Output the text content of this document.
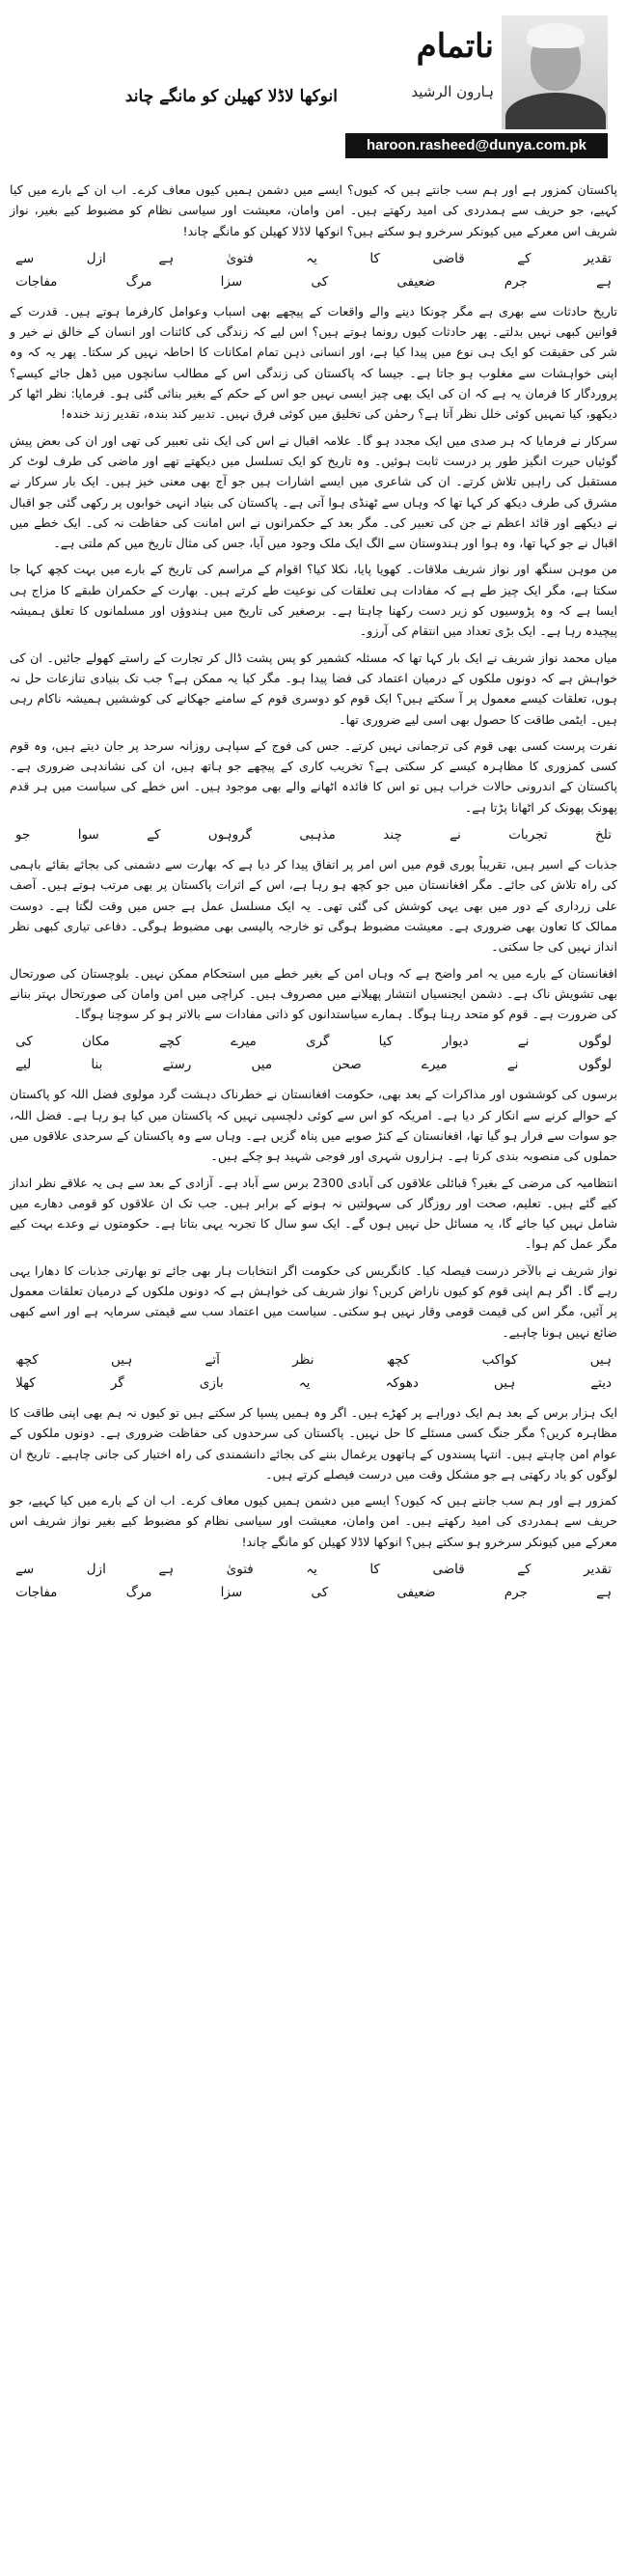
انوکھا لاڈلا کھیلن کو مانگے چاند
ناتمام
ہارون الرشید
haroon.rasheed@dunya.com.pk

پاکستان کمزور ہے اور ہم سب جانتے ہیں کہ کیوں؟ ایسے میں دشمن ہمیں کیوں معاف کرے۔ اب ان کے بارے میں کیا کہیے، جو حریف سے ہمدردی کی امید رکھتے ہیں۔ امن وامان، معیشت اور سیاسی نظام کو مضبوط کیے بغیر، نواز شریف اس معرکے میں کیونکر سرخرو ہو سکتے ہیں؟ انوکھا لاڈلا کھیلن کو مانگے چاند!

تقدیر
کے
قاضی
کا
یہ
فتویٰ
ہے
ازل
سے
ہے
جرم
ضعیفی
کی
سزا
مرگ
مفاجات

تاریخ حادثات سے بھری ہے مگر چونکا دینے والے واقعات کے پیچھے بھی اسباب وعوامل کارفرما ہوتے ہیں۔ قدرت کے قوانین کبھی نہیں بدلتے۔ پھر حادثات کیوں رونما ہوتے ہیں؟ اس لیے کہ زندگی کی کائنات اور انسان کے خالق نے خیر و شر کی حقیقت کو ایک ہی نوع میں پیدا کیا ہے، اور انسانی ذہن تمام امکانات کا احاطہ نہیں کر سکتا۔ پھر یہ کہ وہ اپنی خواہشات سے مغلوب ہو جاتا ہے۔ جیسا کہ پاکستان کی زندگی اس کے مطالب سانچوں میں ڈھل جائے کیسے؟ پروردگار کا فرمان یہ ہے کہ ان کی ایک بھی چیز ایسی نہیں جو اس کے حکم کے بغیر بنائی گئی ہو۔ فرمایا: نظر اٹھا کر دیکھو، کیا تمہیں کوئی خلل نظر آتا ہے؟ رحمٰن کی تخلیق میں کوئی فرق نہیں۔ تدبیر کند بندہ، تقدیر زند خندہ!

سرکار نے فرمایا کہ ہر صدی میں ایک مجدد ہو گا۔ علامہ اقبال نے اس کی ایک نئی تعبیر کی تھی اور ان کی بعض پیش گوئیاں حیرت انگیز طور پر درست ثابت ہوئیں۔ وہ تاریخ کو ایک تسلسل میں دیکھتے تھے اور ماضی کی طرف لوٹ کر مستقبل کی راہیں تلاش کرتے۔ ان کی شاعری میں ایسے اشارات ہیں جو آج بھی معنی خیز ہیں۔ ایک بار سرکار نے مشرق کی طرف دیکھ کر کہا تھا کہ وہاں سے ٹھنڈی ہوا آتی ہے۔ پاکستان کی بنیاد انہی خوابوں پر رکھی گئی جو اقبال نے دیکھے اور قائد اعظم نے جن کی تعبیر کی۔ مگر بعد کے حکمرانوں نے اس امانت کی حفاظت نہ کی۔ ایک خطے میں اقبال نے جو کہا تھا، وہ ہوا اور ہندوستان سے الگ ایک ملک وجود میں آیا، جس کی مثال تاریخ میں کم ملتی ہے۔

من موہن سنگھ اور نواز شریف ملاقات۔ کھویا پایا، نکلا کیا؟ اقوام کے مراسم کی تاریخ کے بارے میں بہت کچھ کہا جا سکتا ہے، مگر ایک چیز طے ہے کہ مفادات ہی تعلقات کی نوعیت طے کرتے ہیں۔ بھارت کے حکمران طبقے کا مزاج ہی ایسا ہے کہ وہ پڑوسیوں کو زیر دست رکھنا چاہتا ہے۔ برصغیر کی تاریخ میں ہندوؤں اور مسلمانوں کا تعلق ہمیشہ پیچیدہ رہا ہے۔ ایک بڑی تعداد میں انتقام کی آرزو۔

میاں محمد نواز شریف نے ایک بار کہا تھا کہ مسئلہ کشمیر کو پس پشت ڈال کر تجارت کے راستے کھولے جائیں۔ ان کی خواہش ہے کہ دونوں ملکوں کے درمیان اعتماد کی فضا پیدا ہو۔ مگر کیا یہ ممکن ہے؟ جب تک بنیادی تنازعات حل نہ ہوں، تعلقات کیسے معمول پر آ سکتے ہیں؟ ایک قوم کو دوسری قوم کے سامنے جھکانے کی کوششیں ہمیشہ ناکام رہی ہیں۔ ایٹمی طاقت کا حصول بھی اسی لیے ضروری تھا۔

نفرت پرست کسی بھی قوم کی ترجمانی نہیں کرتے۔ جس کی فوج کے سپاہی روزانہ سرحد پر جان دیتے ہیں، وہ قوم کسی کمزوری کا مظاہرہ کیسے کر سکتی ہے؟ تخریب کاری کے پیچھے جو ہاتھ ہیں، ان کی نشاندہی ضروری ہے۔ پاکستان کے اندرونی حالات خراب ہیں تو اس کا فائدہ اٹھانے والے بھی موجود ہیں۔ اس خطے کی سیاست میں ہر قدم پھونک پھونک کر اٹھانا پڑتا ہے۔

تلخ
تجربات
نے
چند
مذہبی
گروہوں
کے
سوا
جو

جذبات کے اسیر ہیں، تقریباً پوری قوم میں اس امر پر اتفاق پیدا کر دیا ہے کہ بھارت سے دشمنی کی بجائے بقائے باہمی کی راہ تلاش کی جائے۔ مگر افغانستان میں جو کچھ ہو رہا ہے، اس کے اثرات پاکستان پر بھی مرتب ہوتے ہیں۔ آصف علی زرداری کے دور میں بھی یہی کوشش کی گئی تھی۔ یہ ایک مسلسل عمل ہے جس میں وقت لگتا ہے۔ دوست ممالک کا تعاون بھی ضروری ہے۔ معیشت مضبوط ہوگی تو خارجہ پالیسی بھی مضبوط ہوگی۔ دفاعی تیاری کبھی نظر انداز نہیں کی جا سکتی۔

افغانستان کے بارے میں یہ امر واضح ہے کہ وہاں امن کے بغیر خطے میں استحکام ممکن نہیں۔ بلوچستان کی صورتحال بھی تشویش ناک ہے۔ دشمن ایجنسیاں انتشار پھیلانے میں مصروف ہیں۔ کراچی میں امن وامان کی صورتحال بہتر بنانے کی ضرورت ہے۔ قوم کو متحد رہنا ہوگا۔ ہمارے سیاستدانوں کو ذاتی مفادات سے بالاتر ہو کر سوچنا ہوگا۔

لوگوں
نے
دیوار
کیا
گری
میرے
کچے
مکان
کی
لوگوں
نے
میرے
صحن
میں
رستے
بنا
لیے

برسوں کی کوششوں اور مذاکرات کے بعد بھی، حکومت افغانستان نے خطرناک دہشت گرد مولوی فضل اللہ کو پاکستان کے حوالے کرنے سے انکار کر دیا ہے۔ امریکہ کو اس سے کوئی دلچسپی نہیں کہ پاکستان میں کیا ہو رہا ہے۔ فضل اللہ، جو سوات سے فرار ہو گیا تھا، افغانستان کے کنڑ صوبے میں پناہ گزیں ہے۔ وہاں سے وہ پاکستان کے سرحدی علاقوں میں حملوں کی منصوبہ بندی کرتا ہے۔ ہزاروں شہری اور فوجی شہید ہو چکے ہیں۔

انتظامیہ کی مرضی کے بغیر؟ قبائلی علاقوں کی آبادی 2300 برس سے آباد ہے۔ آزادی کے بعد سے ہی یہ علاقے نظر انداز کیے گئے ہیں۔ تعلیم، صحت اور روزگار کی سہولتیں نہ ہونے کے برابر ہیں۔ جب تک ان علاقوں کو قومی دھارے میں شامل نہیں کیا جائے گا، یہ مسائل حل نہیں ہوں گے۔ ایک سو سال کا تجربہ یہی بتاتا ہے۔ حکومتوں نے وعدے بہت کیے مگر عمل کم ہوا۔

نواز شریف نے بالآخر درست فیصلہ کیا۔ کانگریس کی حکومت اگر انتخابات ہار بھی جائے تو بھارتی جذبات کا دھارا یہی رہے گا۔ اگر ہم اپنی قوم کو کیوں ناراض کریں؟ نواز شریف کی خواہش ہے کہ دونوں ملکوں کے درمیان تعلقات معمول پر آئیں، مگر اس کی قیمت قومی وقار نہیں ہو سکتی۔ سیاست میں اعتماد سب سے قیمتی سرمایہ ہے اور اسے کبھی ضائع نہیں ہونا چاہیے۔

ہیں
کواکب
کچھ
نظر
آتے
ہیں
کچھ
دیتے
ہیں
دھوکہ
یہ
بازی
گر
کھلا

ایک ہزار برس کے بعد ہم ایک دوراہے پر کھڑے ہیں۔ اگر وہ ہمیں پسپا کر سکتے ہیں تو کیوں نہ ہم بھی اپنی طاقت کا مظاہرہ کریں؟ مگر جنگ کسی مسئلے کا حل نہیں۔ پاکستان کی سرحدوں کی حفاظت ضروری ہے۔ دونوں ملکوں کے عوام امن چاہتے ہیں۔ انتہا پسندوں کے ہاتھوں یرغمال بننے کی بجائے دانشمندی کی راہ اختیار کی جانی چاہیے۔ تاریخ ان لوگوں کو یاد رکھتی ہے جو مشکل وقت میں درست فیصلے کرتے ہیں۔

کمزور ہے اور ہم سب جانتے ہیں کہ کیوں؟ ایسے میں دشمن ہمیں کیوں معاف کرے۔ اب ان کے بارے میں کیا کہیے، جو حریف سے ہمدردی کی امید رکھتے ہیں۔ امن وامان، معیشت اور سیاسی نظام کو مضبوط کیے بغیر نواز شریف اس معرکے میں کیونکر سرخرو ہو سکتے ہیں؟ انوکھا لاڈلا کھیلن کو مانگے چاند!

تقدیر
کے
قاضی
کا
یہ
فتویٰ
ہے
ازل
سے
ہے
جرم
ضعیفی
کی
سزا
مرگ
مفاجات
